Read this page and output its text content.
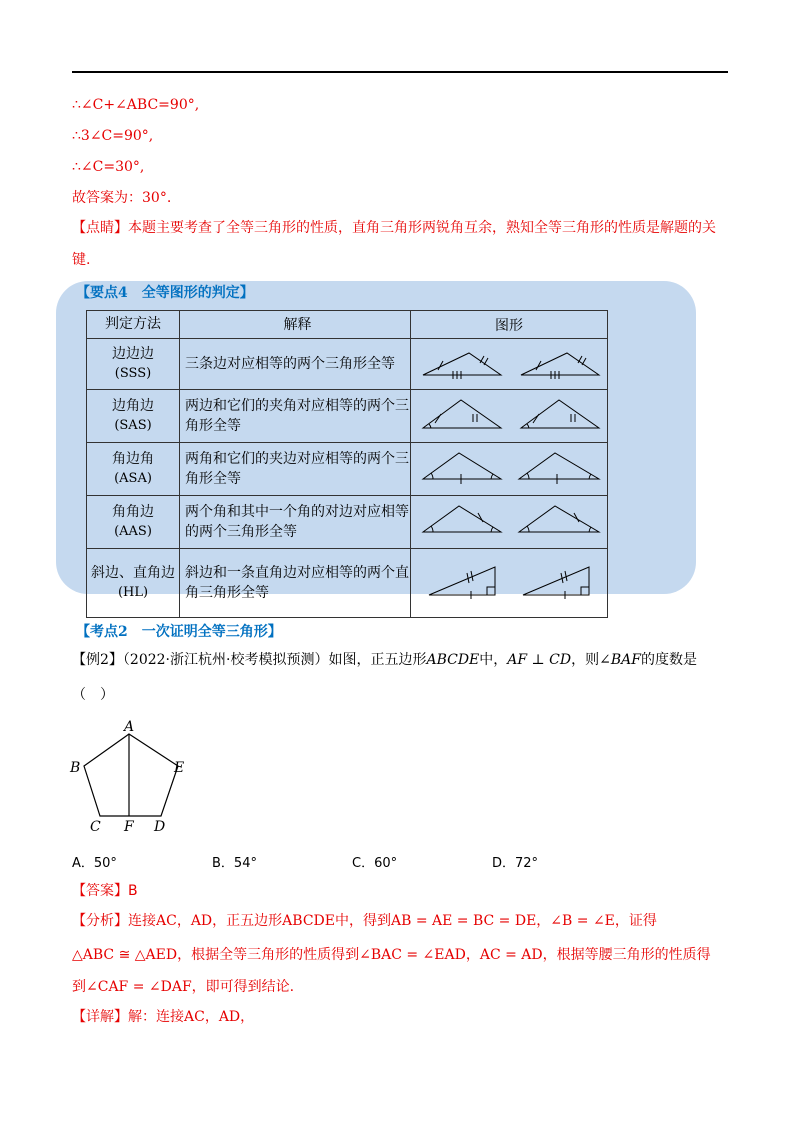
∴∠C+∠ABC=90°,
∴3∠C=90°,
∴∠C=30°,
故答案为：30°.
【点睛】本题主要考查了全等三角形的性质，直角三角形两锐角互余，熟知全等三角形的性质是解题的关
键.
【要点4　全等图形的判定】
判定方法	解释	图形
边边边
(SSS)	三条边对应相等的两个三角形全等	
边角边
(SAS)	两边和它们的夹角对应相等的两个三角形全等	
角边角
(ASA)	两角和它们的夹边对应相等的两个三角形全等	
角角边
(AAS)	两个角和其中一个角的对边对应相等的两个三角形全等	
斜边、直角边
(HL)	斜边和一条直角边对应相等的两个直角三角形全等	
【考点2　一次证明全等三角形】
【例2】（2022·浙江杭州·校考模拟预测）如图，正五边形ABCDE中，AF ⊥ CD，则∠BAF的度数是
（　）
A
B
C F D
E
A．50°	B．54°	C．60°	D．72°
【答案】B
【分析】连接AC，AD，正五边形ABCDE中，得到AB = AE = BC = DE，∠B = ∠E，证得
△ABC ≅ △AED，根据全等三角形的性质得到∠BAC = ∠EAD，AC = AD，根据等腰三角形的性质得
到∠CAF = ∠DAF，即可得到结论.
【详解】解：连接AC，AD，
